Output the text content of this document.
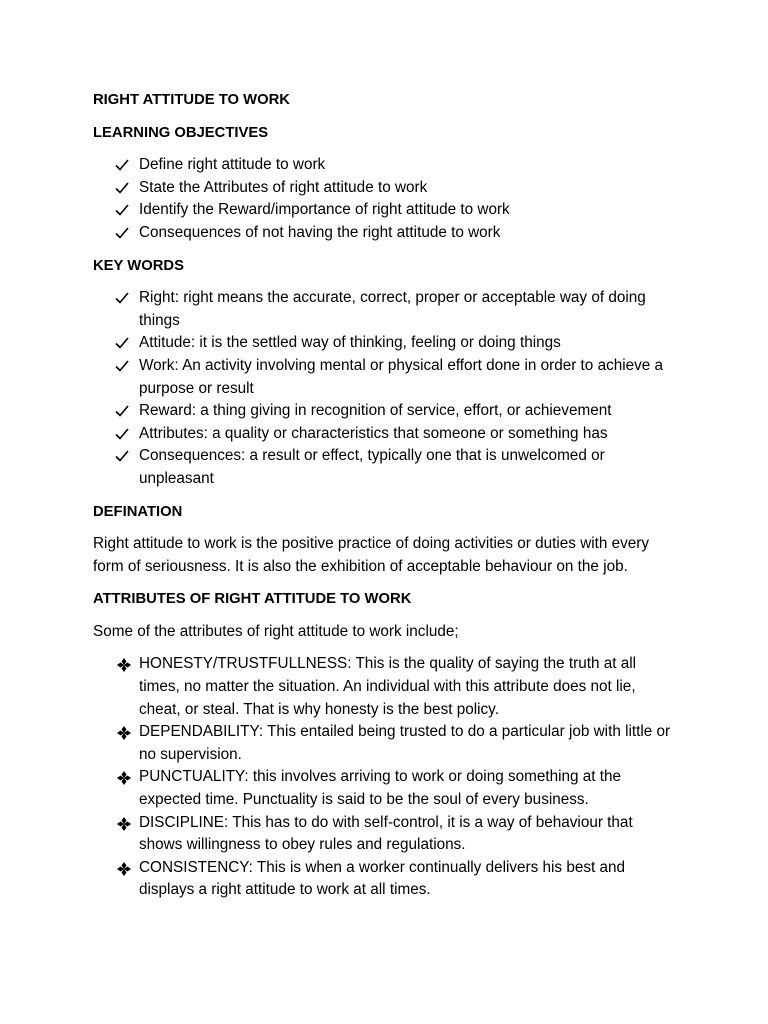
RIGHT ATTITUDE TO WORK
LEARNING OBJECTIVES
Define right attitude to work
State the Attributes of right attitude to work
Identify the Reward/importance of right attitude to work
Consequences of not having the right attitude to work
KEY WORDS
Right: right means the accurate, correct, proper or acceptable way of doing things
Attitude: it is the settled way of thinking, feeling or doing things
Work: An activity involving mental or physical effort done in order to achieve a purpose or result
Reward: a thing giving in recognition of service, effort, or achievement
Attributes: a quality or characteristics that someone or something has
Consequences: a result or effect, typically one that is unwelcomed or unpleasant
DEFINATION

Right attitude to work is the positive practice of doing activities or duties with every form of seriousness. It is also the exhibition of acceptable behaviour on the job.

ATTRIBUTES OF RIGHT ATTITUDE TO WORK

Some of the attributes of right attitude to work include;

HONESTY/TRUSTFULLNESS: This is the quality of saying the truth at all times, no matter the situation. An individual with this attribute does not lie, cheat, or steal. That is why honesty is the best policy.
DEPENDABILITY: This entailed being trusted to do a particular job with little or no supervision.
PUNCTUALITY: this involves arriving to work or doing something at the expected time. Punctuality is said to be the soul of every business.
DISCIPLINE: This has to do with self-control, it is a way of behaviour that shows willingness to obey rules and regulations.
CONSISTENCY: This is when a worker continually delivers his best and displays a right attitude to work at all times.
